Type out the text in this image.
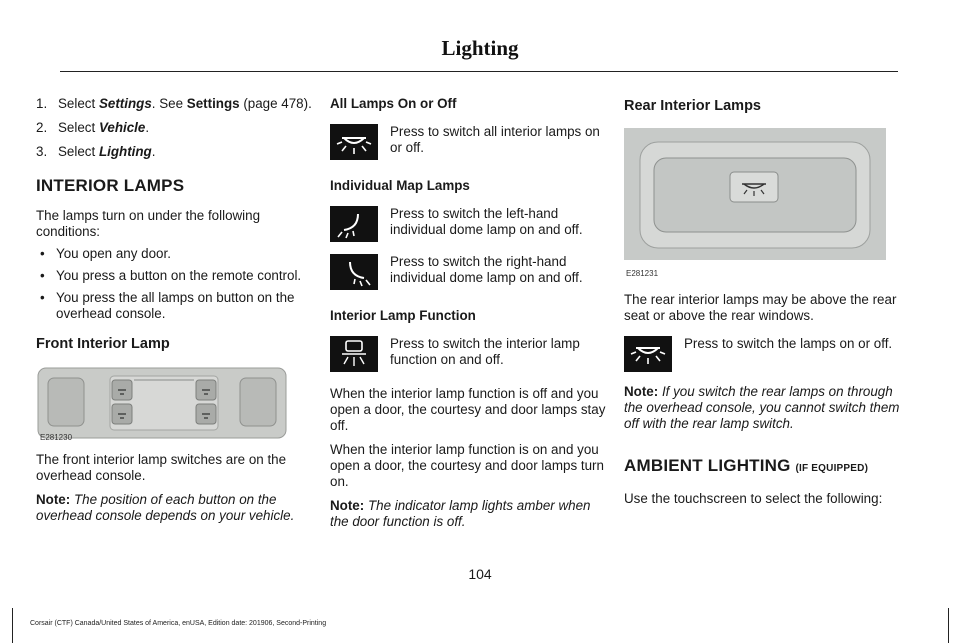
Lighting
1. Select Settings. See Settings (page 478).
2. Select Vehicle.
3. Select Lighting.
INTERIOR LAMPS

The lamps turn on under the following conditions:

• You open any door.
• You press a button on the remote control.
• You press the all lamps on button on the overhead console.
Front Interior Lamp
E281230

The front interior lamp switches are on the overhead console.

Note: The position of each button on the overhead console depends on your vehicle.

All Lamps On or Off
Press to switch all interior lamps on or off.
Individual Map Lamps
Press to switch the left-hand individual dome lamp on and off.
Press to switch the right-hand individual dome lamp on and off.
Interior Lamp Function
Press to switch the interior lamp function on and off.

When the interior lamp function is off and you open a door, the courtesy and door lamps stay off.

When the interior lamp function is on and you open a door, the courtesy and door lamps turn on.

Note: The indicator lamp lights amber when the door function is off.

Rear Interior Lamps
E281231

The rear interior lamps may be above the rear seat or above the rear windows.

Press to switch the lamps on or off.

Note: If you switch the rear lamps on through the overhead console, you cannot switch them off with the rear lamp switch.

AMBIENT LIGHTING (IF EQUIPPED)

Use the touchscreen to select the following:

104
Corsair (CTF) Canada/United States of America, enUSA, Edition date: 201906, Second-Printing
